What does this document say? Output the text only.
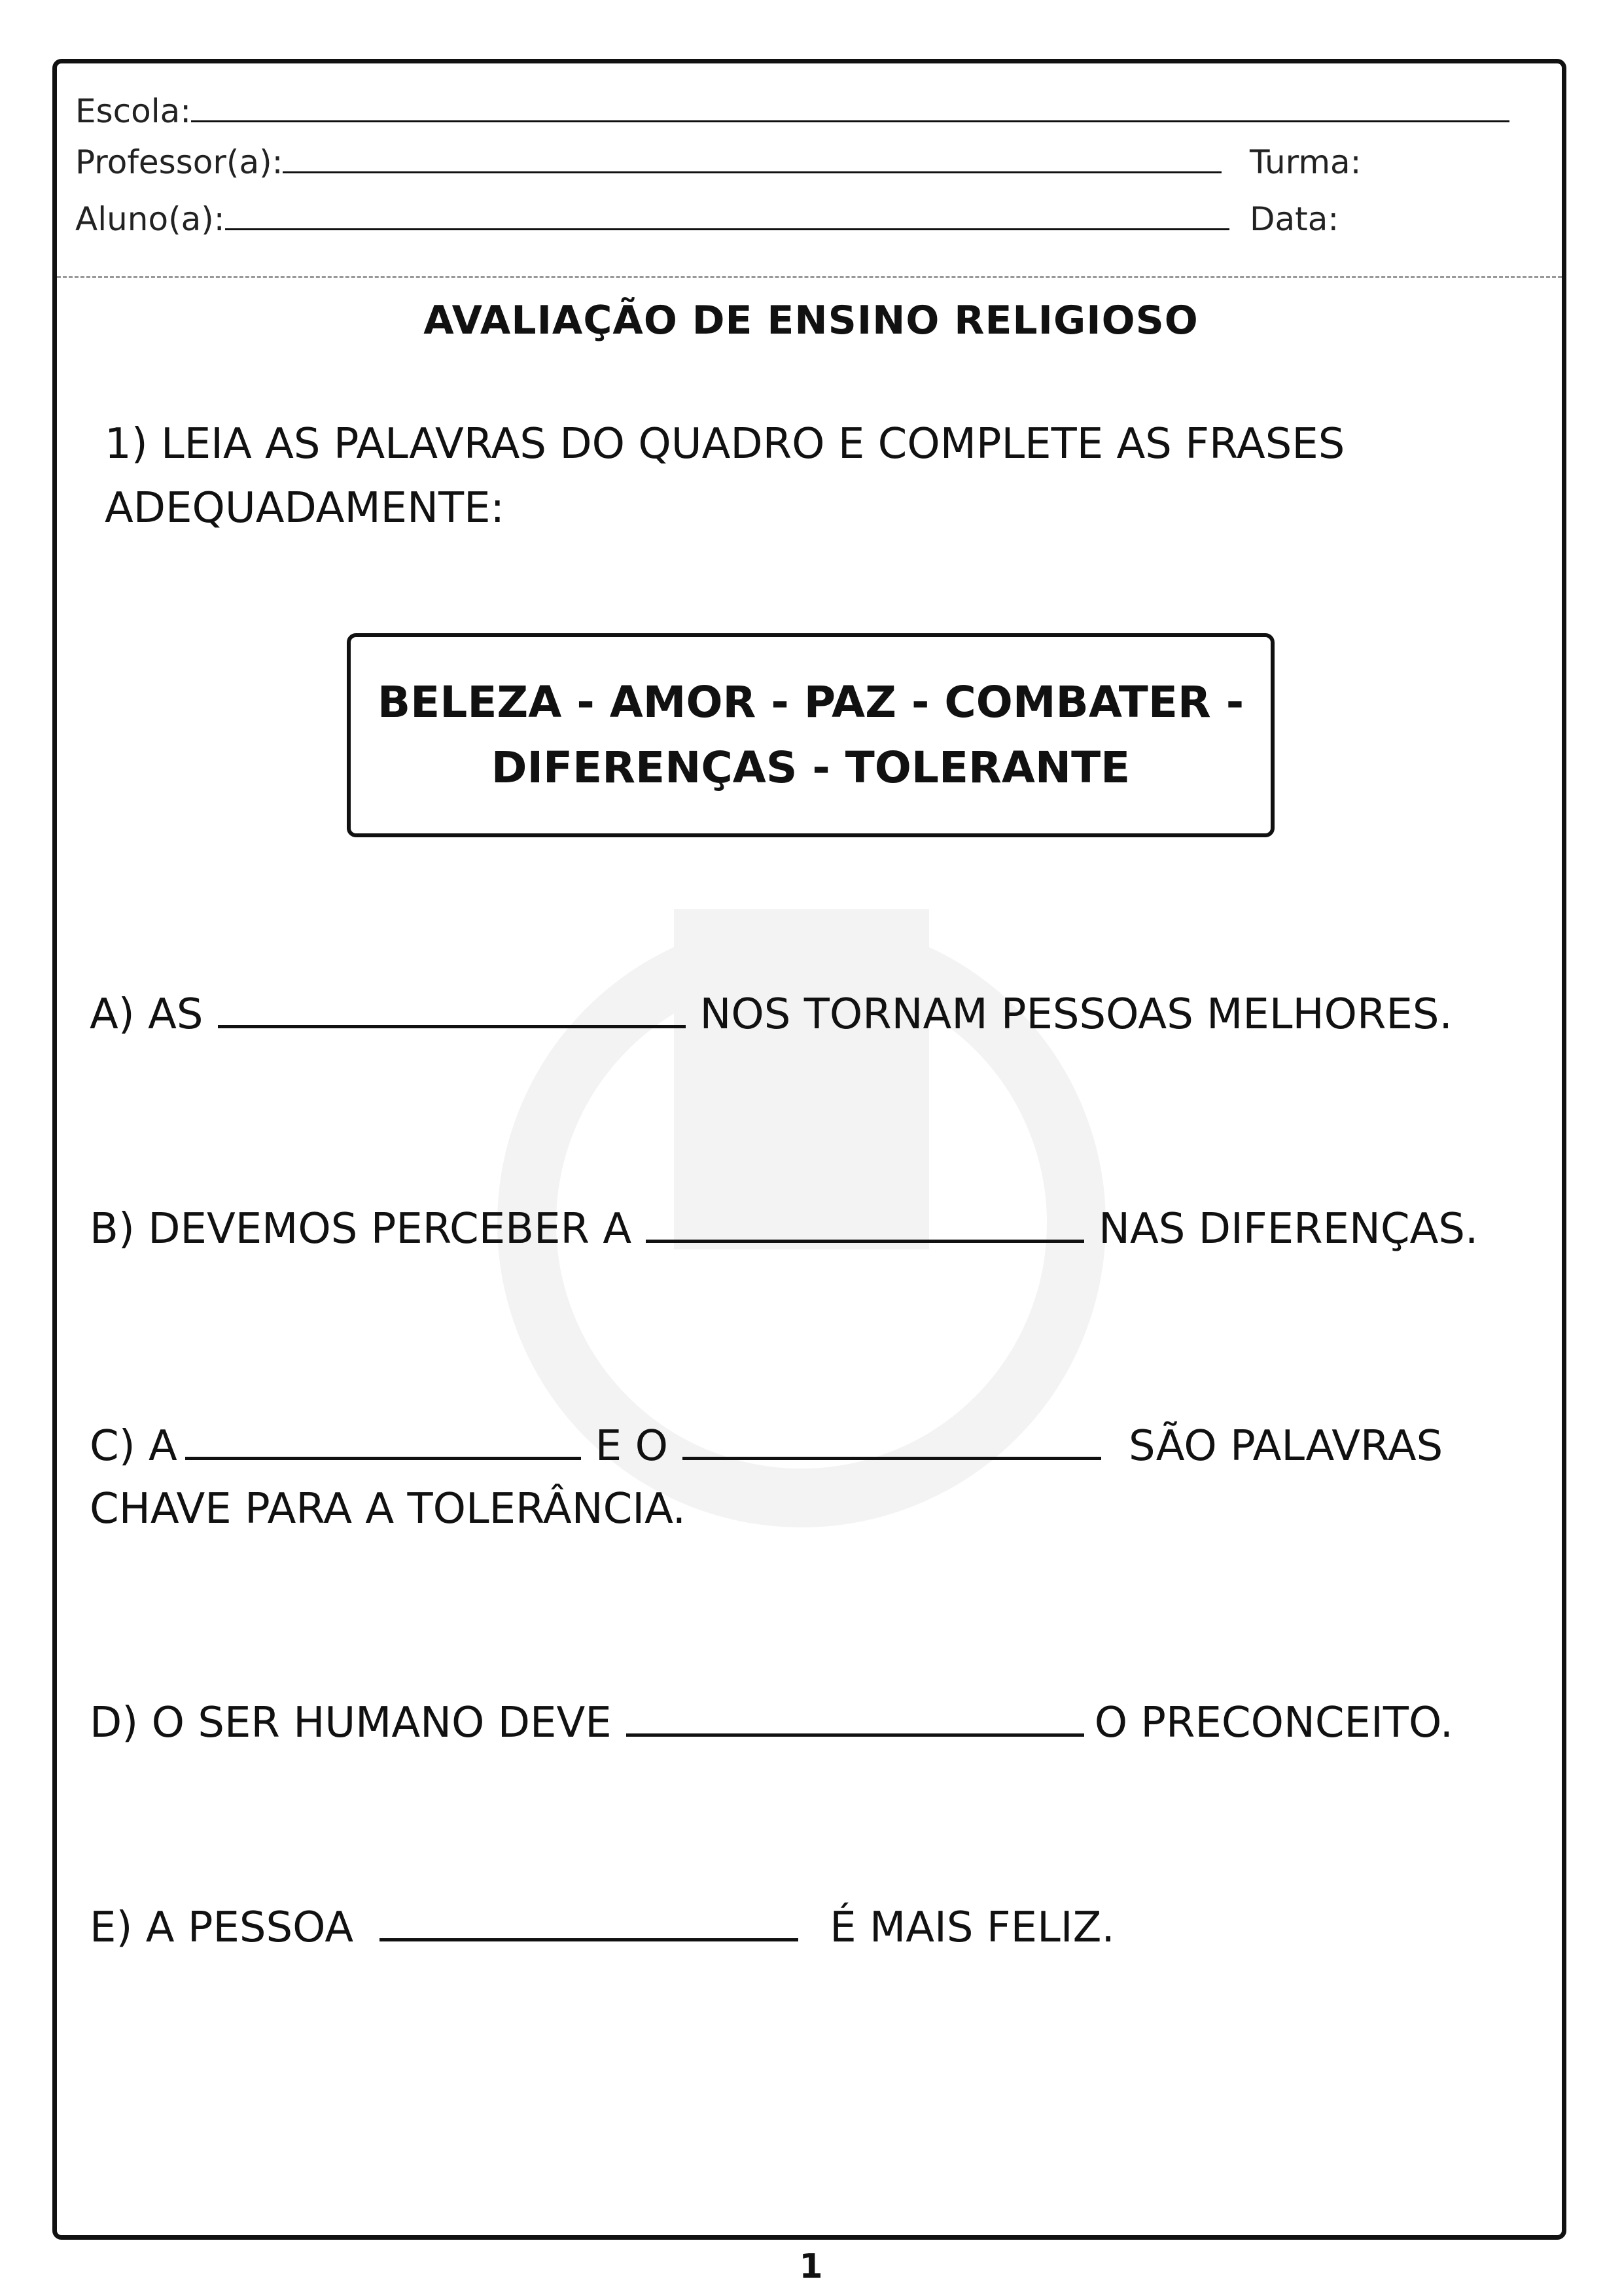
Escola:
Professor(a):	Turma:
Aluno(a):	Data:
AVALIAÇÃO DE ENSINO RELIGIOSO
1) LEIA AS PALAVRAS DO QUADRO E COMPLETE AS FRASES
ADEQUADAMENTE:
BELEZA - AMOR - PAZ - COMBATER -
DIFERENÇAS - TOLERANTE
A) AS	NOS TORNAM PESSOAS MELHORES.
B) DEVEMOS PERCEBER A	NAS DIFERENÇAS.
C) A	E O	SÃO PALAVRAS
CHAVE PARA A TOLERÂNCIA.
D) O SER HUMANO DEVE	O PRECONCEITO.
E) A PESSOA	É MAIS FELIZ.
1
